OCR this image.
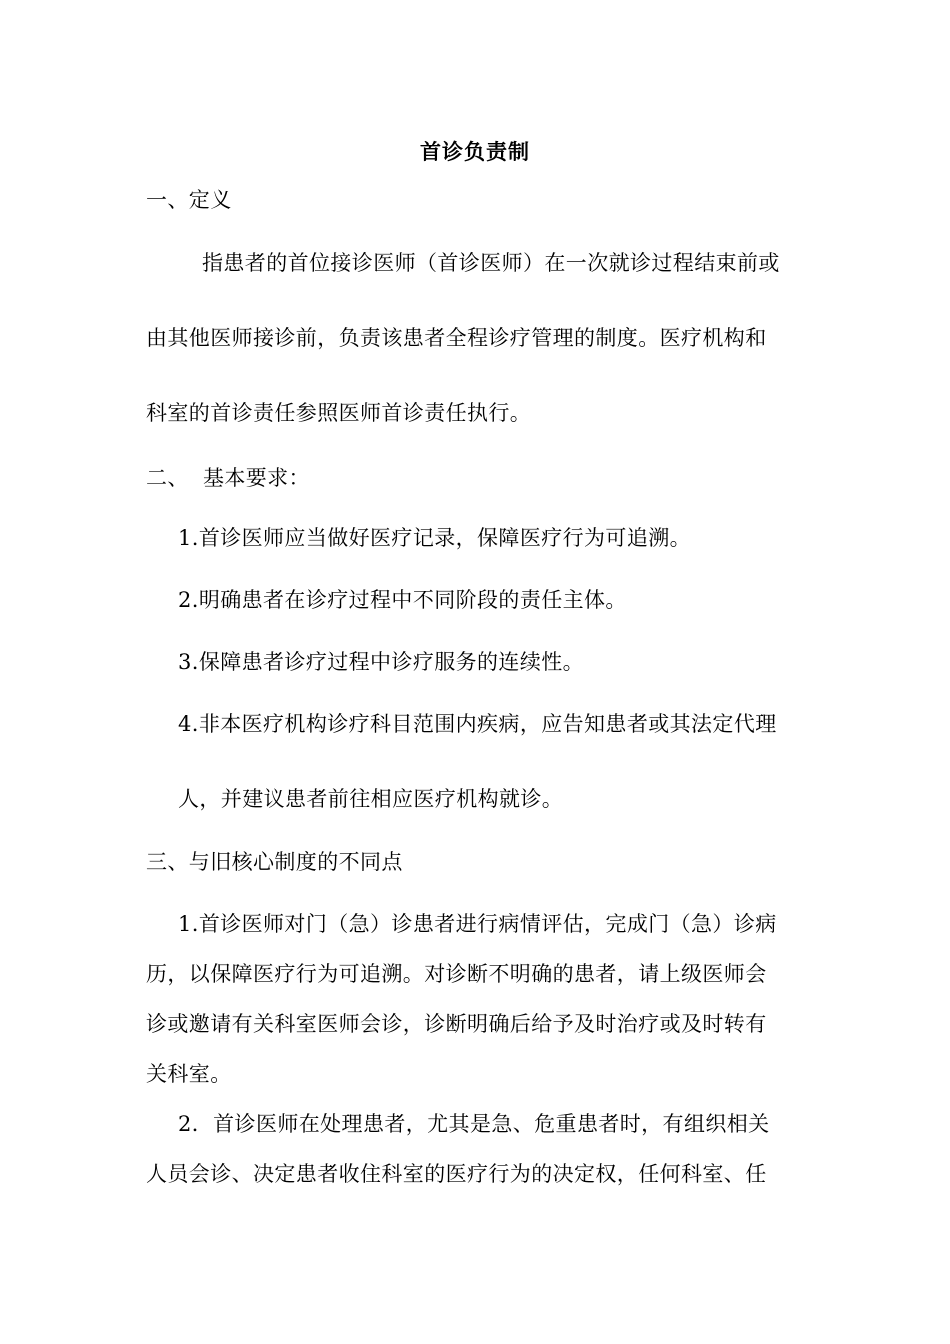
首诊负责制
一、定义
指患者的首位接诊医师（首诊医师）在一次就诊过程结束前或
由其他医师接诊前，负责该患者全程诊疗管理的制度。医疗机构和
科室的首诊责任参照医师首诊责任执行。
二、  基本要求：
1.首诊医师应当做好医疗记录，保障医疗行为可追溯。
2.明确患者在诊疗过程中不同阶段的责任主体。
3.保障患者诊疗过程中诊疗服务的连续性。
4.非本医疗机构诊疗科目范围内疾病，应告知患者或其法定代理
人，并建议患者前往相应医疗机构就诊。
三、与旧核心制度的不同点
1.首诊医师对门（急）诊患者进行病情评估，完成门（急）诊病
历，以保障医疗行为可追溯。对诊断不明确的患者，请上级医师会
诊或邀请有关科室医师会诊，诊断明确后给予及时治疗或及时转有
关科室。
2．首诊医师在处理患者，尤其是急、危重患者时，有组织相关
人员会诊、决定患者收住科室的医疗行为的决定权，任何科室、任
